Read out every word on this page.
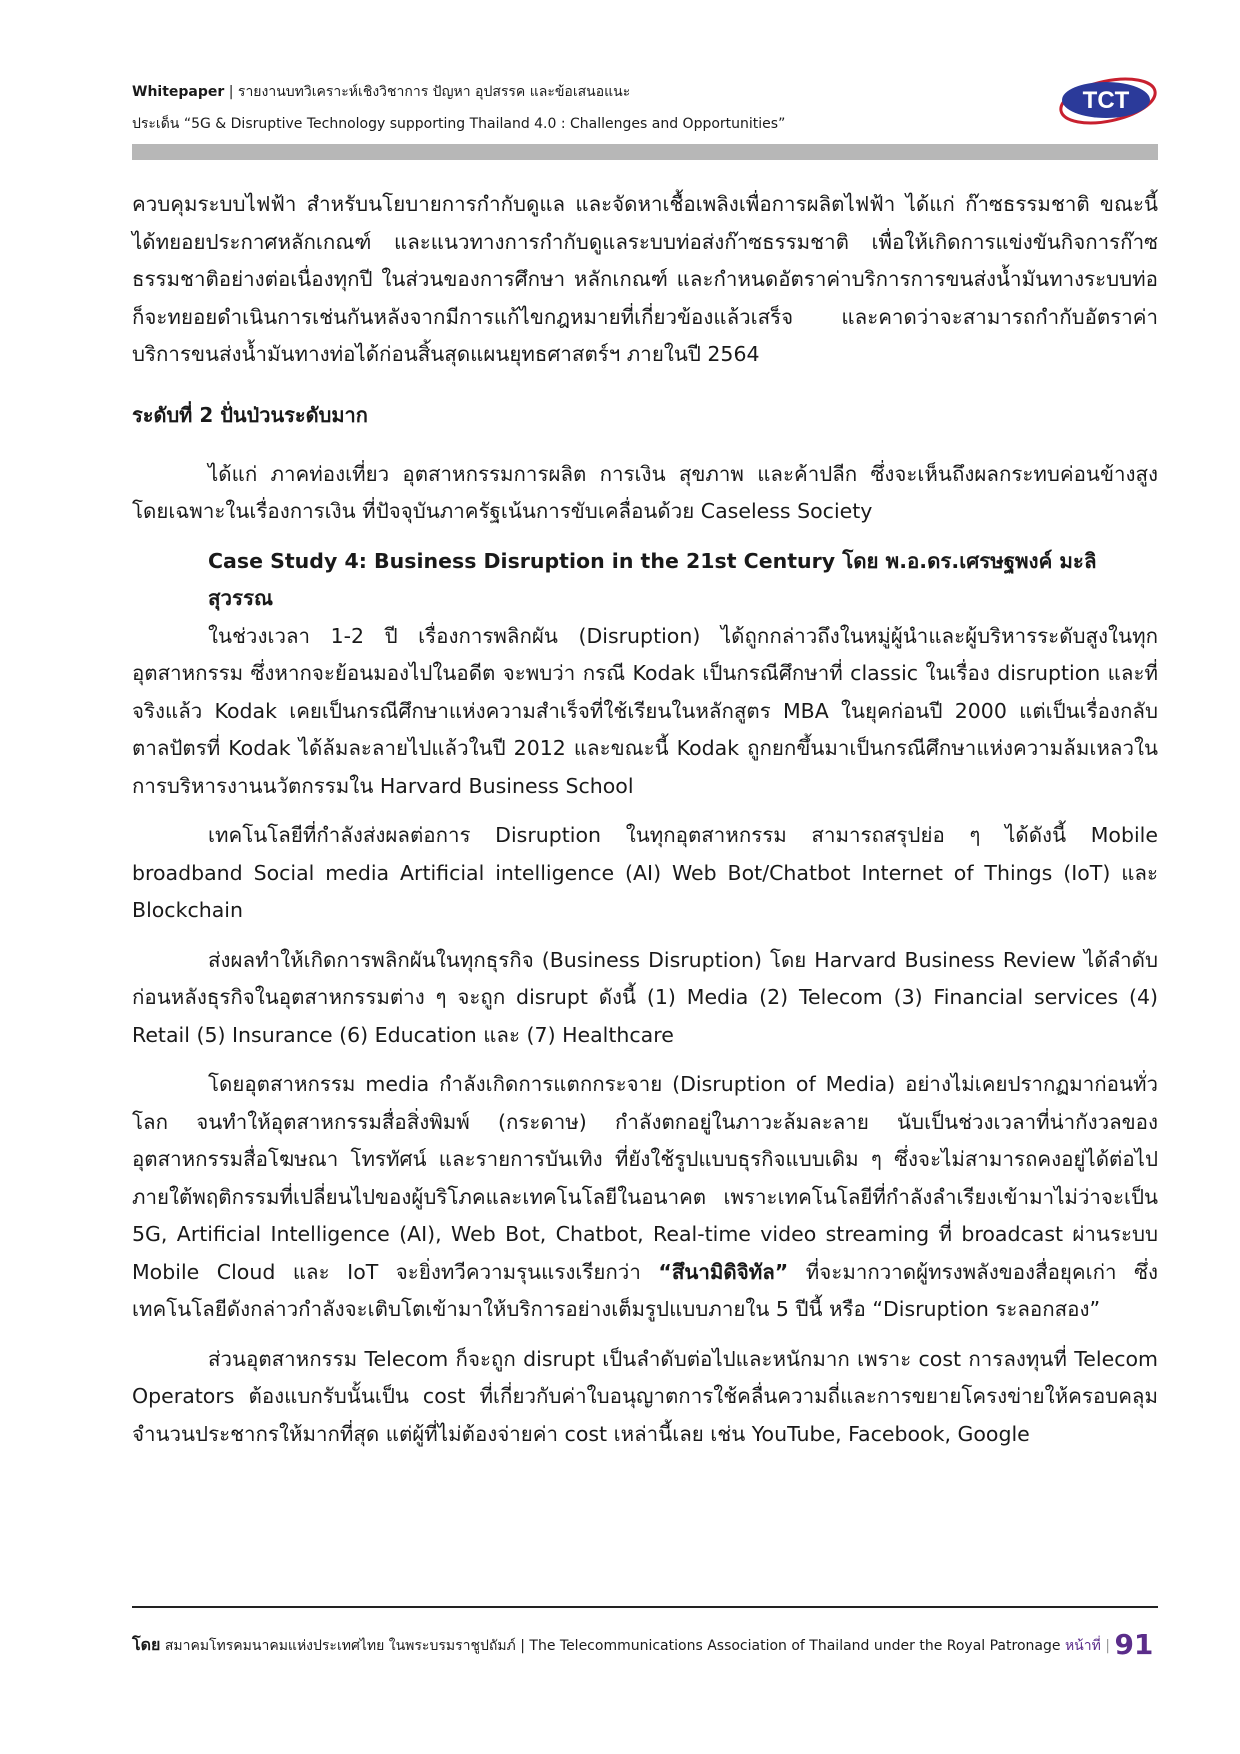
Whitepaper | รายงานบทวิเคราะห์เชิงวิชาการ ปัญหา อุปสรรค และข้อเสนอแนะ
ประเด็น “5G & Disruptive Technology supporting Thailand 4.0 : Challenges and Opportunities”
TCT

ควบคุมระบบไฟฟ้า สำหรับนโยบายการกำกับดูแล และจัดหาเชื้อเพลิงเพื่อการผลิตไฟฟ้า ได้แก่ ก๊าซธรรมชาติ ขณะนี้ได้ทยอยประกาศหลักเกณฑ์ และแนวทางการกำกับดูแลระบบท่อส่งก๊าซธรรมชาติ เพื่อให้เกิดการแข่งขันกิจการก๊าซธรรมชาติอย่างต่อเนื่องทุกปี ในส่วนของการศึกษา หลักเกณฑ์ และกำหนดอัตราค่าบริการการขนส่งน้ำมันทางระบบท่อก็จะทยอยดำเนินการเช่นกันหลังจากมีการแก้ไขกฎหมายที่เกี่ยวข้องแล้วเสร็จ และคาดว่าจะสามารถกำกับอัตราค่าบริการขนส่งน้ำมันทางท่อได้ก่อนสิ้นสุดแผนยุทธศาสตร์ฯ ภายในปี 2564

ระดับที่ 2 ปั่นป่วนระดับมาก

ได้แก่ ภาคท่องเที่ยว อุตสาหกรรมการผลิต การเงิน สุขภาพ และค้าปลีก ซึ่งจะเห็นถึงผลกระทบค่อนข้างสูง โดยเฉพาะในเรื่องการเงิน ที่ปัจจุบันภาครัฐเน้นการขับเคลื่อนด้วย Caseless Society

Case Study 4: Business Disruption in the 21st Century โดย พ.อ.ดร.เศรษฐพงค์ มะลิสุวรรณ

ในช่วงเวลา 1-2 ปี เรื่องการพลิกผัน (Disruption) ได้ถูกกล่าวถึงในหมู่ผู้นำและผู้บริหารระดับสูงในทุกอุตสาหกรรม ซึ่งหากจะย้อนมองไปในอดีต จะพบว่า กรณี Kodak เป็นกรณีศึกษาที่ classic ในเรื่อง disruption และที่จริงแล้ว Kodak เคยเป็นกรณีศึกษาแห่งความสำเร็จที่ใช้เรียนในหลักสูตร MBA ในยุคก่อนปี 2000 แต่เป็นเรื่องกลับตาลปัตรที่ Kodak ได้ล้มละลายไปแล้วในปี 2012 และขณะนี้ Kodak ถูกยกขึ้นมาเป็นกรณีศึกษาแห่งความล้มเหลวในการบริหารงานนวัตกรรมใน Harvard Business School

เทคโนโลยีที่กำลังส่งผลต่อการ Disruption ในทุกอุตสาหกรรม สามารถสรุปย่อ ๆ ได้ดังนี้ Mobile broadband Social media Artificial intelligence (AI) Web Bot/Chatbot Internet of Things (IoT) และ Blockchain

ส่งผลทำให้เกิดการพลิกผันในทุกธุรกิจ (Business Disruption) โดย Harvard Business Review ได้ลำดับก่อนหลังธุรกิจในอุตสาหกรรมต่าง ๆ จะถูก disrupt ดังนี้ (1) Media (2) Telecom (3) Financial services (4) Retail (5) Insurance (6) Education และ (7) Healthcare

โดยอุตสาหกรรม media กำลังเกิดการแตกกระจาย (Disruption of Media) อย่างไม่เคยปรากฏมาก่อนทั่วโลก จนทำให้อุตสาหกรรมสื่อสิ่งพิมพ์ (กระดาษ) กำลังตกอยู่ในภาวะล้มละลาย นับเป็นช่วงเวลาที่น่ากังวลของอุตสาหกรรมสื่อโฆษณา โทรทัศน์ และรายการบันเทิง ที่ยังใช้รูปแบบธุรกิจแบบเดิม ๆ ซึ่งจะไม่สามารถคงอยู่ได้ต่อไปภายใต้พฤติกรรมที่เปลี่ยนไปของผู้บริโภคและเทคโนโลยีในอนาคต เพราะเทคโนโลยีที่กำลังลำเรียงเข้ามาไม่ว่าจะเป็น 5G, Artificial Intelligence (AI), Web Bot, Chatbot, Real-time video streaming ที่ broadcast ผ่านระบบ Mobile Cloud และ IoT จะยิ่งทวีความรุนแรงเรียกว่า “สึนามิดิจิทัล” ที่จะมากวาดผู้ทรงพลังของสื่อยุคเก่า ซึ่งเทคโนโลยีดังกล่าวกำลังจะเติบโตเข้ามาให้บริการอย่างเต็มรูปแบบภายใน 5 ปีนี้ หรือ “Disruption ระลอกสอง”

ส่วนอุตสาหกรรม Telecom ก็จะถูก disrupt เป็นลำดับต่อไปและหนักมาก เพราะ cost การลงทุนที่ Telecom Operators ต้องแบกรับนั้นเป็น cost ที่เกี่ยวกับค่าใบอนุญาตการใช้คลื่นความถี่และการขยายโครงข่ายให้ครอบคลุมจำนวนประชากรให้มากที่สุด แต่ผู้ที่ไม่ต้องจ่ายค่า cost เหล่านี้เลย เช่น YouTube, Facebook, Google

โดย สมาคมโทรคมนาคมแห่งประเทศไทย ในพระบรมราชูปถัมภ์ | The Telecommunications Association of Thailand under the Royal Patronage หน้าที่ | 91
